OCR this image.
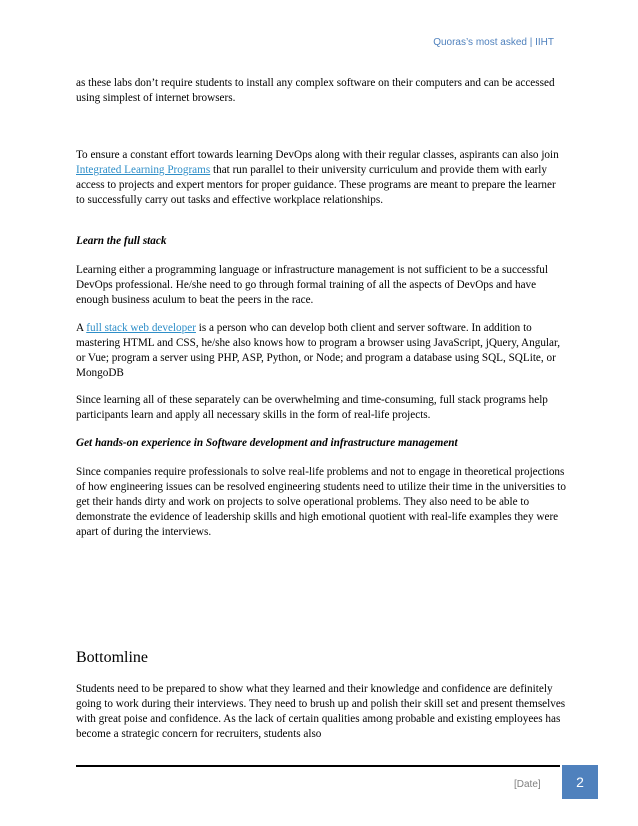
Quoras’s most asked | IIHT

as these labs don’t require students to install any complex software on their computers and can be accessed using simplest of internet browsers.

To ensure a constant effort towards learning DevOps along with their regular classes, aspirants can also join Integrated Learning Programs that run parallel to their university curriculum and provide them with early access to projects and expert mentors for proper guidance. These programs are meant to prepare the learner to successfully carry out tasks and effective workplace relationships.

Learn the full stack

Learning either a programming language or infrastructure management is not sufficient to be a successful DevOps professional. He/she need to go through formal training of all the aspects of DevOps and have enough business aculum to beat the peers in the race.

A full stack web developer is a person who can develop both client and server software. In addition to mastering HTML and CSS, he/she also knows how to program a browser using JavaScript, jQuery, Angular, or Vue; program a server using PHP, ASP, Python, or Node; and program a database using SQL, SQLite, or MongoDB

Since learning all of these separately can be overwhelming and time-consuming, full stack programs help participants learn and apply all necessary skills in the form of real-life projects.

Get hands-on experience in Software development and infrastructure management

Since companies require professionals to solve real-life problems and not to engage in theoretical projections of how engineering issues can be resolved engineering students need to utilize their time in the universities to get their hands dirty and work on projects to solve operational problems. They also need to be able to demonstrate the evidence of leadership skills and high emotional quotient with real-life examples they were apart of during the interviews.

Bottomline

Students need to be prepared to show what they learned and their knowledge and confidence are definitely going to work during their interviews. They need to brush up and polish their skill set and present themselves with great poise and confidence. As the lack of certain qualities among probable and existing employees has become a strategic concern for recruiters, students also

[Date]	2
